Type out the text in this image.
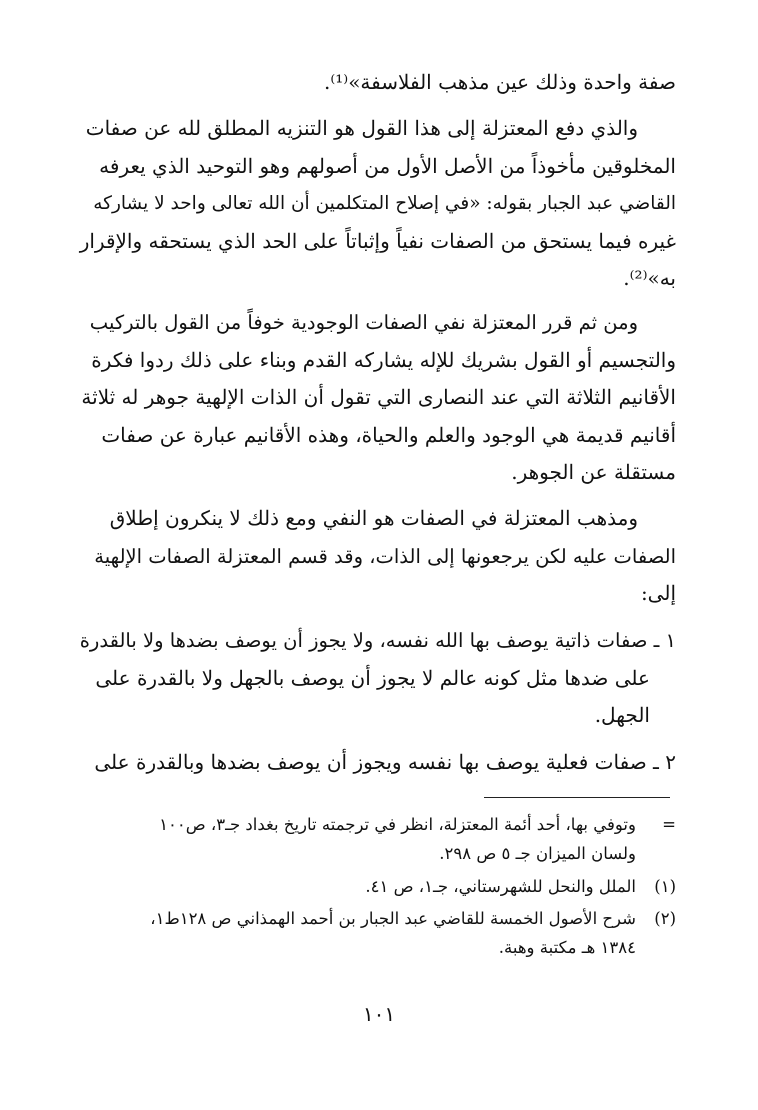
صفة واحدة وذلك عين مذهب الفلاسفة»⁽¹⁾.
والذي دفع المعتزلة إلى هذا القول هو التنزيه المطلق لله عن صفات
المخلوقين مأخوذاً من الأصل الأول من أصولهم وهو التوحيد الذي يعرفه
القاضي عبد الجبار بقوله: «في إصلاح المتكلمين أن الله تعالى واحد لا يشاركه
غيره فيما يستحق من الصفات نفياً وإثباتاً على الحد الذي يستحقه والإقرار
به»⁽²⁾.
ومن ثم قرر المعتزلة نفي الصفات الوجودية خوفاً من القول بالتركيب
والتجسيم أو القول بشريك للإله يشاركه القدم وبناء على ذلك ردوا فكرة
الأقانيم الثلاثة التي عند النصارى التي تقول أن الذات الإلهية جوهر له ثلاثة
أقانيم قديمة هي الوجود والعلم والحياة، وهذه الأقانيم عبارة عن صفات
مستقلة عن الجوهر.
ومذهب المعتزلة في الصفات هو النفي ومع ذلك لا ينكرون إطلاق
الصفات عليه لكن يرجعونها إلى الذات، وقد قسم المعتزلة الصفات الإلهية
إلى:
١ ـ صفات ذاتية يوصف بها الله نفسه، ولا يجوز أن يوصف بضدها ولا بالقدرة
على ضدها مثل كونه عالم لا يجوز أن يوصف بالجهل ولا بالقدرة على
الجهل.
٢ ـ صفات فعلية يوصف بها نفسه ويجوز أن يوصف بضدها وبالقدرة على
=وتوفي بها، أحد أئمة المعتزلة، انظر في ترجمته تاريخ بغداد جـ٣، ص١٠٠
ولسان الميزان جـ ٥ ص ٢٩٨.
(١)الملل والنحل للشهرستاني، جـ١، ص ٤١.
(٢)شرح الأصول الخمسة للقاضي عبد الجبار بن أحمد الهمذاني ص ١٢٨ط١،
١٣٨٤ هـ مكتبة وهبة.
١٠١
